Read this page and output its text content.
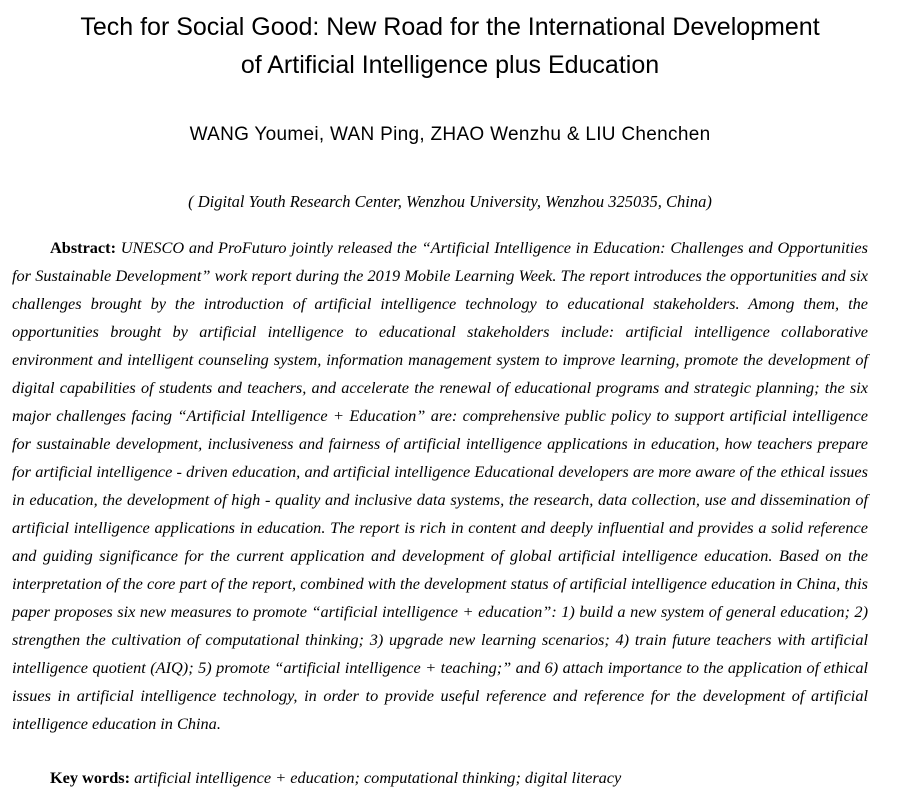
Tech for Social Good: New Road for the International Development
of Artificial Intelligence plus Education
WANG Youmei, WAN Ping, ZHAO Wenzhu & LIU Chenchen
( Digital Youth Research Center, Wenzhou University, Wenzhou 325035, China)

Abstract: UNESCO and ProFuturo jointly released the “Artificial Intelligence in Education: Challenges and Opportunities for Sustainable Development” work report during the 2019 Mobile Learning Week. The report introduces the opportunities and six challenges brought by the introduction of artificial intelligence technology to educational stakeholders. Among them, the opportunities brought by artificial intelligence to educational stakeholders include: artificial intelligence collaborative environment and intelligent counseling system, information management system to improve learning, promote the development of digital capabilities of students and teachers, and accelerate the renewal of educational programs and strategic planning; the six major challenges facing “Artificial Intelligence + Education” are: comprehensive public policy to support artificial intelligence for sustainable development, inclusiveness and fairness of artificial intelligence applications in education, how teachers prepare for artificial intelligence - driven education, and artificial intelligence Educational developers are more aware of the ethical issues in education, the development of high - quality and inclusive data systems, the research, data collection, use and dissemination of artificial intelligence applications in education. The report is rich in content and deeply influential and provides a solid reference and guiding significance for the current application and development of global artificial intelligence education. Based on the interpretation of the core part of the report, combined with the development status of artificial intelligence education in China, this paper proposes six new measures to promote “artificial intelligence + education”: 1) build a new system of general education; 2) strengthen the cultivation of computational thinking; 3) upgrade new learning scenarios; 4) train future teachers with artificial intelligence quotient (AIQ); 5) promote “artificial intelligence + teaching;” and 6) attach importance to the application of ethical issues in artificial intelligence technology, in order to provide useful reference and reference for the development of artificial intelligence education in China.

Key words: artificial intelligence + education; computational thinking; digital literacy
